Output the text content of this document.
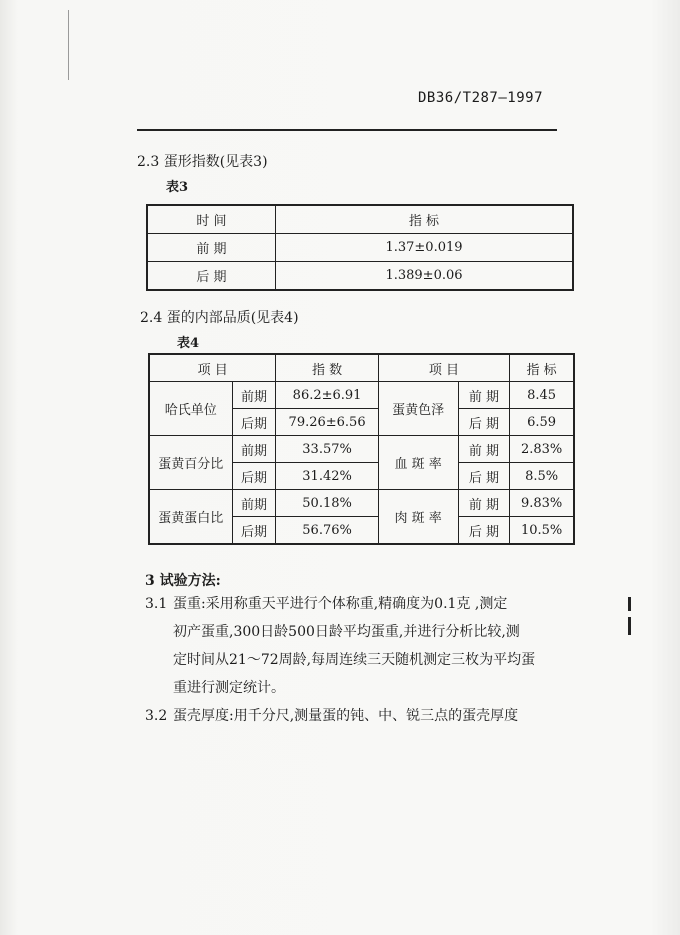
DB36/T287—1997
2.3 蛋形指数(见表3)
表3
时 间	指 标
前 期	1.37±0.019
后 期	1.389±0.06
2.4 蛋的内部品质(见表4)
表4
项 目		指 数	项 目		指 标
哈氏单位	前期	86.2±6.91	蛋黄色泽	前 期	8.45
	后期	79.26±6.56		后 期	6.59
蛋黄百分比	前期	33.57%	血 斑 率	前 期	2.83%
	后期	31.42%		后 期	8.5%
蛋黄蛋白比	前期	50.18%	肉 斑 率	前 期	9.83%
	后期	56.76%		后 期	10.5%
3 试验方法:
3.1 蛋重:采用称重天平进行个体称重,精确度为0.1克 ,测定
初产蛋重,300日龄500日龄平均蛋重,并进行分析比较,测
定时间从21～72周龄,每周连续三天随机测定三枚为平均蛋
重进行测定统计。
3.2 蛋壳厚度:用千分尺,测量蛋的钝、中、锐三点的蛋壳厚度
